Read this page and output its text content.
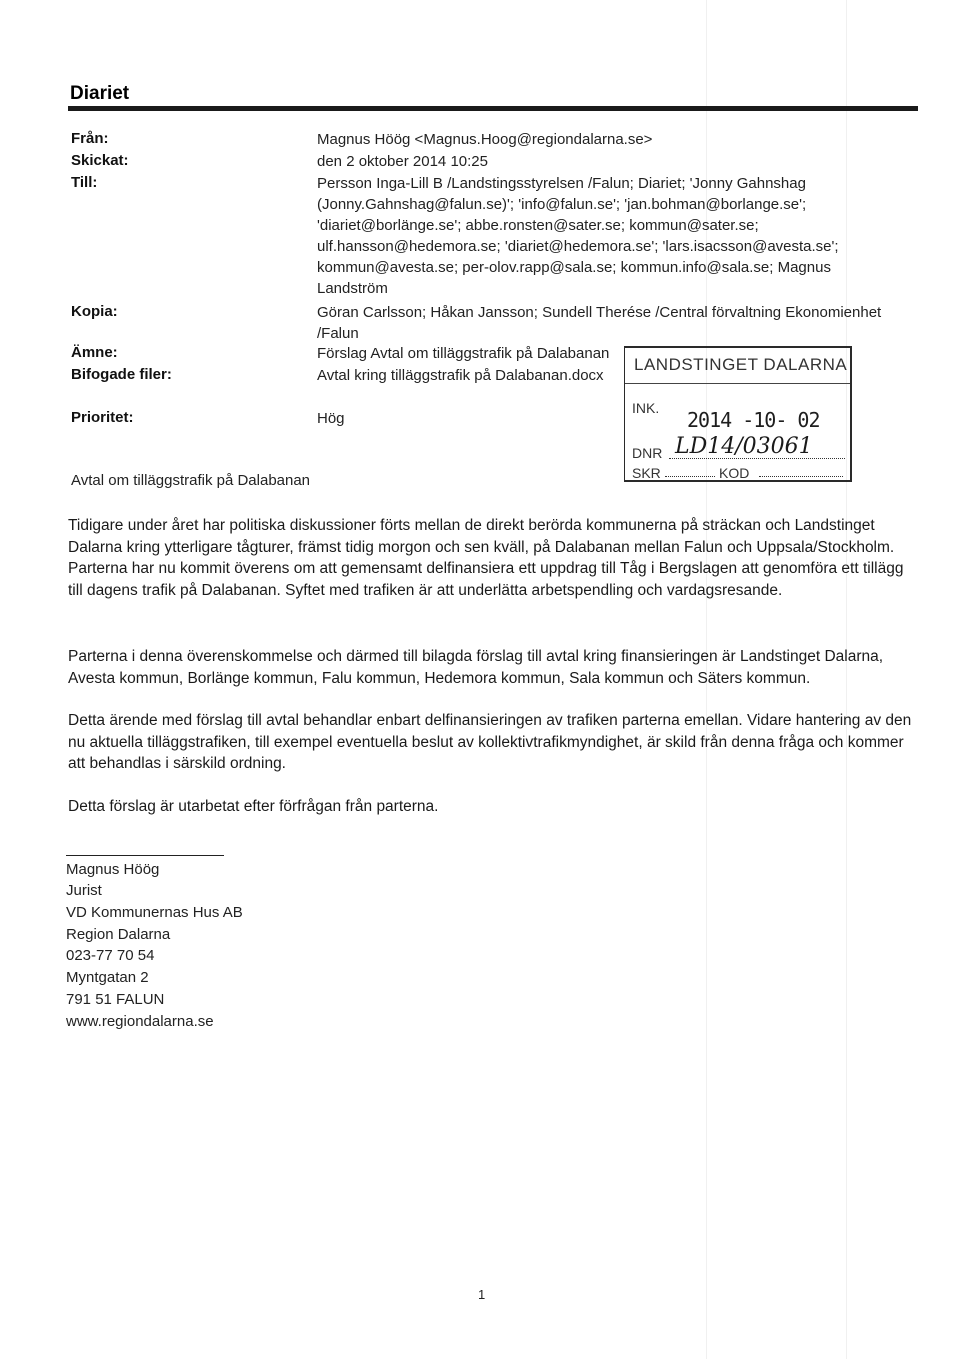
Diariet
Från:	Magnus Höög <Magnus.Hoog@regiondalarna.se>
Skickat:	den 2 oktober 2014 10:25
Till:	Persson Inga-Lill B /Landstingsstyrelsen /Falun; Diariet; 'Jonny Gahnshag
(Jonny.Gahnshag@falun.se)'; 'info@falun.se'; 'jan.bohman@borlange.se';
'diariet@borlänge.se'; abbe.ronsten@sater.se; kommun@sater.se;
ulf.hansson@hedemora.se; 'diariet@hedemora.se'; 'lars.isacsson@avesta.se';
kommun@avesta.se; per-olov.rapp@sala.se; kommun.info@sala.se; Magnus
Landström
Kopia:	Göran Carlsson; Håkan Jansson; Sundell Therése /Central förvaltning Ekonomienhet
/Falun
Ämne:	Förslag Avtal om tilläggstrafik på Dalabanan
Bifogade filer:	Avtal kring tilläggstrafik på Dalabanan.docx
Prioritet:	Hög
LANDSTINGET DALARNA
INK. 2014 -10- 02
DNR LD14/03061
SKR	KOD
Avtal om tilläggstrafik på Dalabanan
Tidigare under året har politiska diskussioner förts mellan de direkt berörda kommunerna på sträckan och Landstinget Dalarna kring ytterligare tågturer, främst tidig morgon och sen kväll, på Dalabanan mellan Falun och Uppsala/Stockholm. Parterna har nu kommit överens om att gemensamt delfinansiera ett uppdrag till Tåg i Bergslagen att genomföra ett tillägg till dagens trafik på Dalabanan. Syftet med trafiken är att underlätta arbetspendling och vardagsresande.
Parterna i denna överenskommelse och därmed till bilagda förslag till avtal kring finansieringen är Landstinget Dalarna, Avesta kommun, Borlänge kommun, Falu kommun, Hedemora kommun, Sala kommun och Säters kommun.
Detta ärende med förslag till avtal behandlar enbart delfinansieringen av trafiken parterna emellan. Vidare hantering av den nu aktuella tilläggstrafiken, till exempel eventuella beslut av kollektivtrafikmyndighet, är skild från denna fråga och kommer att behandlas i särskild ordning.
Detta förslag är utarbetat efter förfrågan från parterna.
Magnus Höög
Jurist
VD Kommunernas Hus AB
Region Dalarna
023-77 70 54
Myntgatan 2
791 51 FALUN
www.regiondalarna.se
1
